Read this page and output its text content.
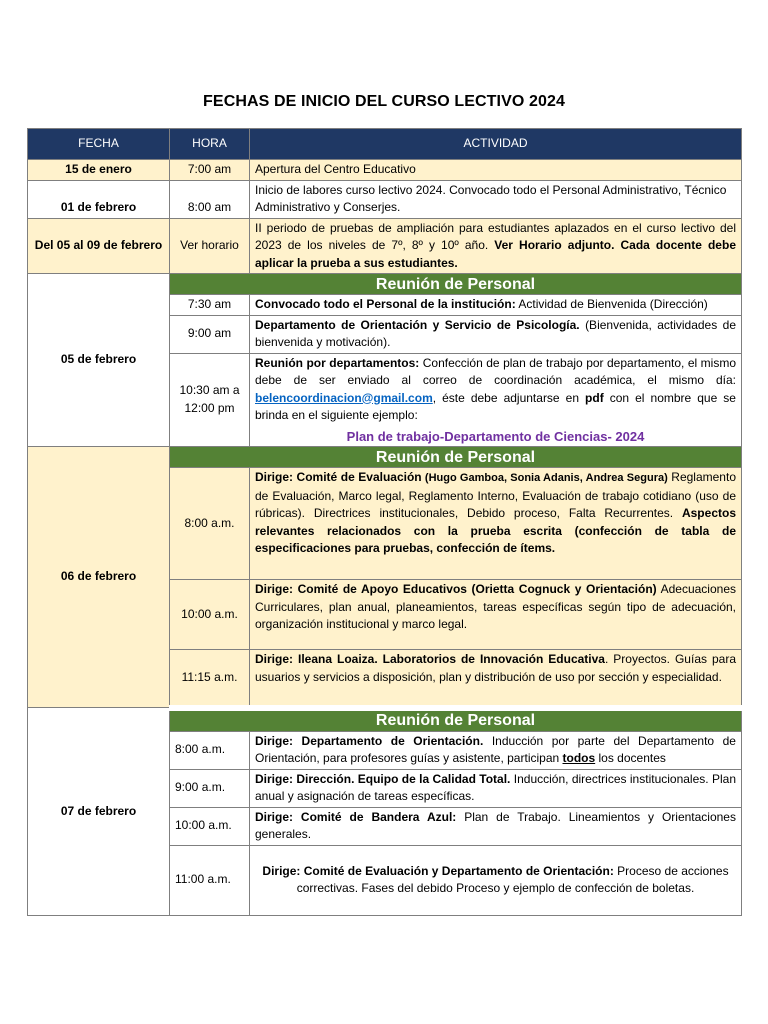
FECHAS DE INICIO DEL CURSO LECTIVO 2024
FECHA	HORA	ACTIVIDAD
15 de enero	7:00 am	Apertura del Centro Educativo
01 de febrero	8:00 am	Inicio de labores curso lectivo 2024. Convocado todo el Personal Administrativo, Técnico Administrativo y Conserjes.
Del 05 al 09 de febrero	Ver horario	II periodo de pruebas de ampliación para estudiantes aplazados en el curso lectivo del 2023 de los niveles de 7º, 8º y 10º año. Ver Horario adjunto. Cada docente debe aplicar la prueba a sus estudiantes.
05 de febrero	Reunión de Personal	
	7:30 am	Convocado todo el Personal de la institución: Actividad de Bienvenida (Dirección)
	9:00 am	Departamento de Orientación y Servicio de Psicología. (Bienvenida, actividades de bienvenida y motivación).
	10:30 am a 12:00 pm	Reunión por departamentos: Confección de plan de trabajo por departamento, el mismo debe de ser enviado al correo de coordinación académica, el mismo día: belencoordinacion@gmail.com, éste debe adjuntarse en pdf con el nombre que se brinda en el siguiente ejemplo:
Plan de trabajo-Departamento de Ciencias- 2024

06 de febrero	Reunión de Personal	
	8:00 a.m.	Dirige: Comité de Evaluación (Hugo Gamboa, Sonia Adanis, Andrea Segura) Reglamento de Evaluación, Marco legal, Reglamento Interno, Evaluación de trabajo cotidiano (uso de rúbricas). Directrices institucionales, Debido proceso, Falta Recurrentes. Aspectos relevantes relacionados con la prueba escrita (confección de tabla de especificaciones para pruebas, confección de ítems.
	10:00 a.m.	Dirige: Comité de Apoyo Educativos (Orietta Cognuck y Orientación) Adecuaciones Curriculares, plan anual, planeamientos, tareas específicas según tipo de adecuación, organización institucional y marco legal.
	11:15 a.m.	Dirige: Ileana Loaiza. Laboratorios de Innovación Educativa. Proyectos. Guías para usuarios y servicios a disposición, plan y distribución de uso por sección y especialidad.
07 de febrero	Reunión de Personal	
	8:00 a.m.	Dirige: Departamento de Orientación. Inducción por parte del Departamento de Orientación, para profesores guías y asistente, participan todos los docentes
	9:00 a.m.	Dirige: Dirección. Equipo de la Calidad Total. Inducción, directrices institucionales. Plan anual y asignación de tareas específicas.
	10:00 a.m.	Dirige: Comité de Bandera Azul: Plan de Trabajo. Lineamientos y Orientaciones generales.
	11:00 a.m.	Dirige: Comité de Evaluación y Departamento de Orientación: Proceso de acciones correctivas. Fases del debido Proceso y ejemplo de confección de boletas.
